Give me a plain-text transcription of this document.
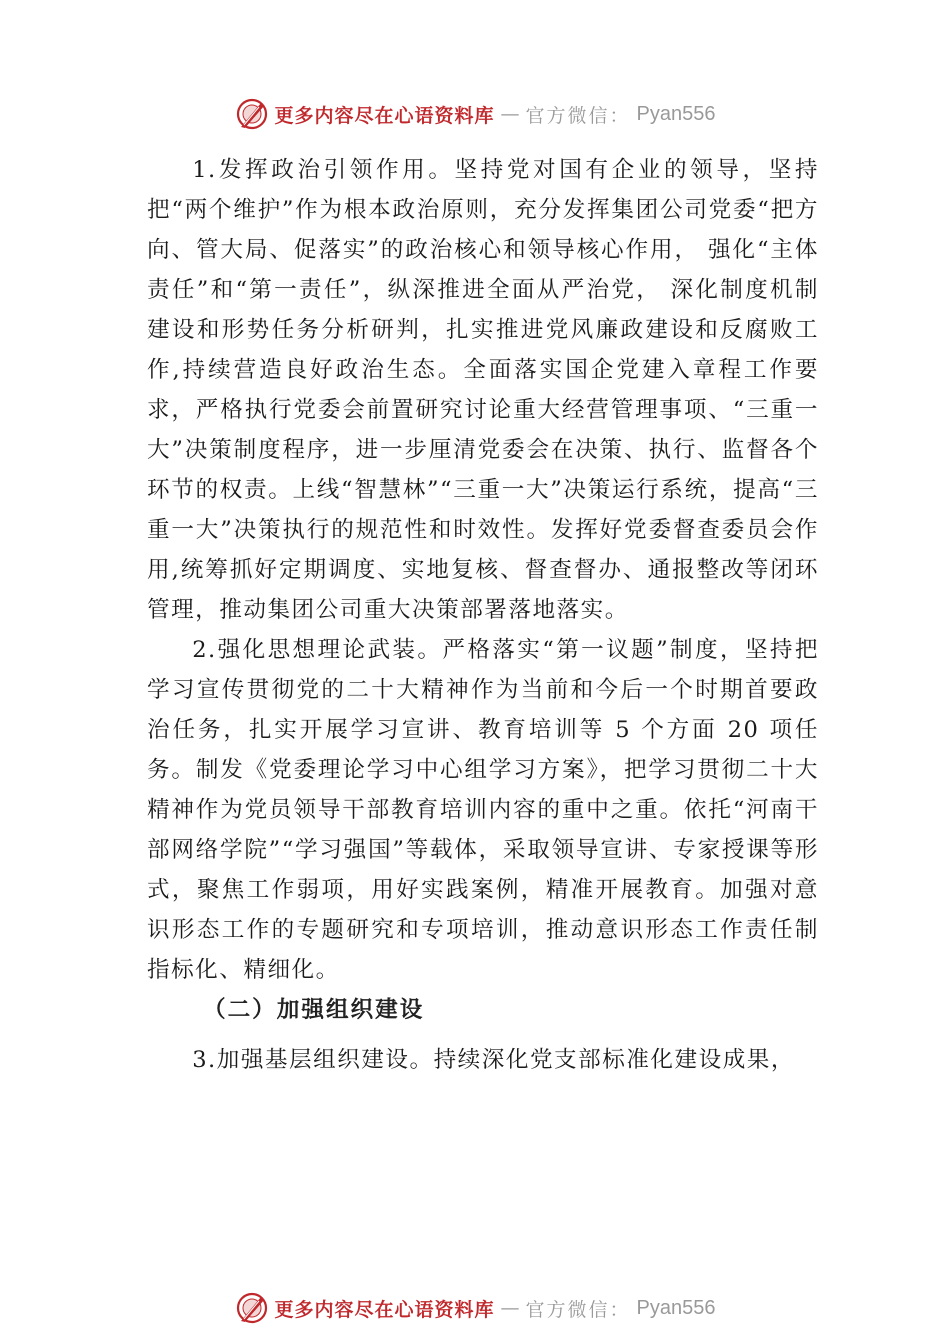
更多内容尽在心语资料库 — 官方微信： Pyan556

1.发挥政治引领作用。坚持党对国有企业的领导，坚持把“两个维护”作为根本政治原则，充分发挥集团公司党委“把方向、管大局、促落实”的政治核心和领导核心作用， 强化“主体责任”和“第一责任”，纵深推进全面从严治党， 深化制度机制建设和形势任务分析研判，扎实推进党风廉政建设和反腐败工作,持续营造良好政治生态。全面落实国企党建入章程工作要求，严格执行党委会前置研究讨论重大经营管理事项、“三重一大”决策制度程序，进一步厘清党委会在决策、执行、监督各个环节的权责。上线“智慧林”“三重一大”决策运行系统，提高“三重一大”决策执行的规范性和时效性。发挥好党委督查委员会作用,统筹抓好定期调度、实地复核、督查督办、通报整改等闭环管理，推动集团公司重大决策部署落地落实。

2.强化思想理论武装。严格落实“第一议题”制度，坚持把学习宣传贯彻党的二十大精神作为当前和今后一个时期首要政治任务，扎实开展学习宣讲、教育培训等 5 个方面 20 项任务。制发《党委理论学习中心组学习方案》，把学习贯彻二十大精神作为党员领导干部教育培训内容的重中之重。依托“河南干部网络学院”“学习强国”等载体，采取领导宣讲、专家授课等形式，聚焦工作弱项，用好实践案例，精准开展教育。加强对意识形态工作的专题研究和专项培训，推动意识形态工作责任制指标化、精细化。

（二）加强组织建设

3.加强基层组织建设。持续深化党支部标准化建设成果，

更多内容尽在心语资料库 — 官方微信： Pyan556
